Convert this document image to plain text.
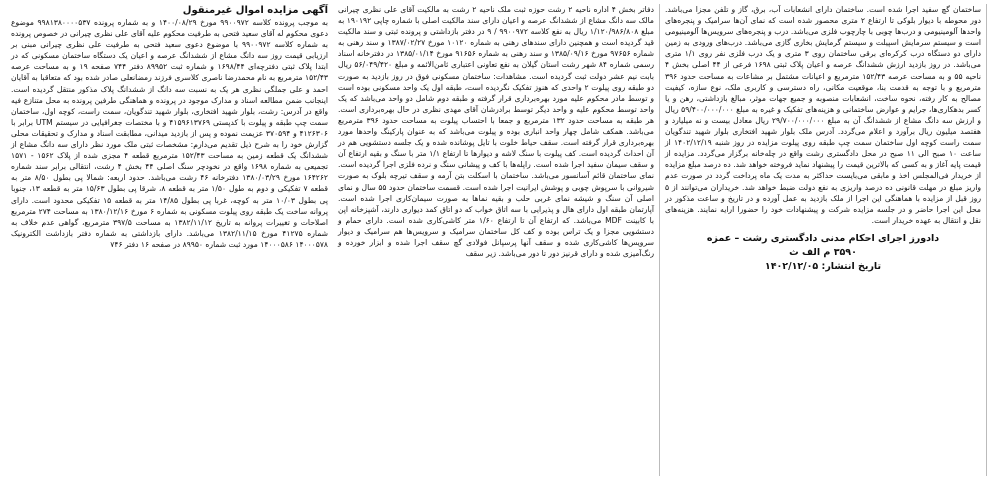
آگهی مزایده اموال غیرمنقول

به موجب پرونده کلاسه ۹۹۰۰۹۷۲ مورخ ۱۴۰۰/۰۸/۲۹ و به شماره پرونده ۹۹۸۱۳۸۰۰۰۰۵۳۷ موضوع دعوی محکوم له آقای سعید فتحی به طرفیت محکوم علیه آقای علی نظری چیرانی در خصوص پرونده به شماره کلاسه ۹۹۰۰۹۷۲ با موضوع دعوی سعید فتحی به طرفیت علی نظری چیرانی مبنی بر ارزیابی قیمت روز سه دانگ مشاع از ششدانگ عرصه و اعیان یک دستگاه ساختمان مسکونی که در ابتدا پلاک ثبتی دفترچه‌ای ۱۶۹۸/۴۴ و شماره ثبت ۸۹۹۵۲ دفتر ۷۴۴ صفحه ۱۹ و به مساحت عرصه ۱۵۲/۴۳ مترمربع به نام محمدرضا ناصری کلاسری فرزند رمضانعلی صادر شده بود که متعاقبا به آقایان احمد و علی جملگی نظری هر یک به نسبت سه دانگ از ششدانگ پلاک مذکور منتقل گردیده است. اینجانب ضمن مطالعه اسناد و مدارک موجود در پرونده و هماهنگی طرفین پرونده به محل متنازع فیه واقع در آدرس: رشت، بلوار شهید افتخاری، بلوار شهید تندگویان، سمت راست، کوچه اول، ساختمان سمت چپ طبقه و پیلوت با کدپستی ۴۱۵۹۶۱۳۷۶۹ و با مختصات جغرافیایی در سیستم UTM برابر با ۴۱۲۶۳۰۶ و ۳۷۰۵۹۴ عزیمت نموده و پس از بازدید میدانی، مطابقت اسناد و مدارک و تحقیقات محلی گزارش خود را به شرح ذیل تقدیم می‌دارم: مشخصات ثبتی ملک مورد نظر دارای سه دانگ مشاع از ششدانگ یک قطعه زمین به مساحت ۱۵۲/۴۳ مترمربع قطعه ۴ مجزی شده از پلاک ۱۵۶۲ - ۱۵۷۱ تجمیعی به شماره ۱۶۹۸ واقع در نخودچر سنگ اصلی ۴۴ بخش ۴ رشت، انتقالی برابر سند شماره ۱۶۴۲۶۲ مورخ ۱۳۸۰/۰۳/۲۹ دفترخانه ۴۶ رشت می‌باشد. حدود اربعه: شمالا پی بطول ۸/۵۰ متر به قطعه ۷ تفکیکی و دوم به طول ۱/۵۰ متر به قطعه ۸، شرقا پی بطول ۱۵/۶۳ متر به قطعه ۱۳، جنوبا پی بطول ۱۰/۰۳ متر به کوچه، غربا پی بطول ۱۴/۸۵ متر به قطعه ۱۵ تفکیکی محدود است. دارای پروانه ساخت یک طبقه روی پیلوت مسکونی به شماره ۶ مورخ ۱۳۸۰/۱۲/۱۶ به مساحت ۲۷۴ مترمربع اصلاحات و تغییرات پروانه به تاریخ ۱۳۸۲/۱۱/۱۲ به مساحت ۳۹۷/۵ مترمربع، گواهی عدم خلاف به شماره ۴۱۲۷۵ مورخ ۱۳۸۲/۱۱/۱۵ می‌باشد. دارای بازداشتی به شماره دفتر بازداشت الکترونیک ۱۴۰۰۰۵۷۸ ۱۴۰۰۰۵۸۶ مورد ثبت شماره ۸۹۹۵۰ در صفحه ۱۶ دفتر ۷۴۶

دفاتر بخش ۴ اداره ناحیه ۲ رشت حوزه ثبت ملک ناحیه ۲ رشت به مالکیت آقای علی نظری چیرانی مالک سه دانگ مشاع از ششدانگ عرصه و اعیان دارای سند مالکیت اصلی با شماره چاپی ۱۹۰۱۹۲ به مبلغ ۱/۱۲۰/۹۸۶/۸۰۸ ریال به نفع کلاسه ۹۹۰۰۹۷۲ / ۹ در دفتر بازداشتی و پرونده ثبتی و سند مالکیت قید گردیده است و همچنین دارای سندهای رهنی به شماره ۱۰۱۲۰ مورخ ۱۳۸۷/۰۲/۲۷ و سند رهنی به شماره ۹۷۶۵۶ مورخ ۱۳۸۵/۰۹/۱۶ و سند رهنی به شماره ۹۱۶۵۶ مورخ ۱۳۸۵/۰۱/۱۴ در دفترخانه اسناد رسمی شماره ۸۴ شهر رشت استان گیلان به نفع تعاونی اعتباری ثامن‌الائمه و مبلغ ۵۶/۰۴۹/۴۲۰ ریال بابت نیم عشر دولت ثبت گردیده است. مشاهدات: ساختمان مسکونی فوق در روز بازدید به صورت دو طبقه روی پیلوت ۲ واحدی که هنوز تفکیک نگردیده است، طبقه اول یک واحد مسکونی بوده است و توسط مادر محکوم علیه مورد بهره‌برداری قرار گرفته و طبقه دوم شامل دو واحد می‌باشد که یک واحد توسط محکوم علیه و واحد دیگر توسط برادرشان آقای مهدی نظری در حال بهره‌برداری است. هر طبقه به مساحت حدود ۱۳۲ مترمربع و جمعا با احتساب پیلوت به مساحت حدود ۳۹۶ مترمربع می‌باشد. همکف شامل چهار واحد انباری بوده و پیلوت می‌باشد که به عنوان پارکینگ واحدها مورد بهره‌برداری قرار گرفته است. سقف حیاط خلوت با تایل پوشانده شده و یک جلسه دستشویی هم در آن احداث گردیده است. کف پیلوت با سنگ لاشه و دیوارها تا ارتفاع ۱/۱ متر با سنگ و بقیه ارتفاع آن و سقف سیمان سفید اجرا شده است. راپله‌ها با کف و پیشانی سنگ و نرده فلزی اجرا گردیده است. نمای ساختمان قائم آسانسور می‌باشد. ساختمان با اسکلت بتن آرمه و سقف تیرچه بلوک به صورت شیروانی با سرپوش چوبی و پوشش ایرانیت اجرا شده است. قسمت ساختمان حدود ۵۵ سال و نمای اصلی آن سنگ و شیشه نمای غربی حلب و بقیه نماها به صورت سیمان‌کاری اجرا شده است. آپارتمان طبقه اول دارای هال و پذیرایی با سه اتاق خواب که دو اتاق کمد دیواری دارند، آشپزخانه اپن با کابینت MDF می‌باشد. که ارتفاع آن تا ارتفاع ۱/۶۰ متر کاشی‌کاری شده است. دارای حمام و دستشویی مجزا و یک تراس بوده و کف کل ساختمان سرامیک و سرویس‌ها هم سرامیک و دیوار سرویس‌ها کاشی‌کاری شده و سقف آنها پرسپانل فولادی گچ سقف اجرا شده و ابزار خورده و رنگ‌آمیزی شده و دارای قرنیز دور تا دور می‌باشد. زیر سقف

ساختمان گچ سفید اجرا شده است. ساختمان دارای انشعابات آب، برق، گاز و تلفن مجزا می‌باشد. دور محوطه با دیوار بلوکی تا ارتفاع ۲ متری محصور شده است که نمای آن‌ها سرامیک و پنجره‌های واحدها آلومینیومی و درب‌ها چوبی با چارچوب فلزی می‌باشد. درب و پنجره‌های سرویس‌ها آلومینیومی است و سیستم سرمایش اسپیلت و سیستم گرمایش بخاری گازی می‌باشد. درب‌های ورودی به زمین دارای دو دستگاه درب کرکره‌ای برقی ساختمان روی ۳ متری و یک درب فلزی نفر روی ۱/۱ متری می‌باشد. در روز بازدید ارزش ششدانگ عرصه و اعیان پلاک ثبتی ۱۶۹۸ فرعی از ۴۴ اصلی بخش ۴ ناحیه ۵۵ و به مساحت عرصه ۱۵۲/۴۳ مترمربع و اعیانات مشتمل بر مشاعات به مساحت حدود ۳۹۶ مترمربع و با توجه به قدمت بنا، موقعیت مکانی، راه دسترسی و کاربری ملک، نوع سازه، کیفیت مصالح به کار رفته، نحوه ساخت، انشعابات منصوبه و جمیع جهات موثر، مبالغ بازداشتی، رهن و یا کسر بدهکاری‌ها، جرایم و عوارض ساختمانی و هزینه‌های تفکیک و غیره به مبلغ ۵۹/۴۰۰/۰۰۰/۰۰۰ ریال و ارزش سه دانگ مشاع از ششدانگ آن به مبلغ ۲۹/۷۰۰/۰۰۰/۰۰۰ ریال معادل بیست و نه میلیارد و هفتصد میلیون ریال برآورد و اعلام می‌گردد. آدرس ملک بلوار شهید افتخاری بلوار شهید تندگویان سمت راست کوچه اول ساختمان سمت چپ طبقه روی پیلوت مزایده در روز شنبه ۱۴۰۲/۱۲/۱۹ از ساعت ۱۰ صبح الی ۱۱ صبح در محل دادگستری رشت واقع در چله‌خانه برگزار می‌گردد. مزایده از قیمت پایه آغاز و به کسی که بالاترین قیمت را پیشنهاد نماید فروخته خواهد شد. ده درصد مبلغ مزایده از خریدار فی‌المجلس اخذ و مابقی می‌بایست حداکثر به مدت یک ماه پرداخت گردد در صورت عدم واریز مبلغ در مهلت قانونی ده درصد واریزی به نفع دولت ضبط خواهد شد. خریداران می‌توانند از ۵ روز قبل از مزایده با هماهنگی این اجرا از ملک بازدید به عمل آورده و در تاریخ و ساعت مذکور در محل این اجرا حاضر و در جلسه مزایده شرکت و پیشنهادات خود را حضورا ارایه نمایند. هزینه‌های نقل و انتقال به عهده خریدار است.

دادورز اجرای احکام مدنی دادگستری رشت – عمزه
۳۵۹۰ م الف ث
تاریخ انتشار: ۱۴۰۲/۱۲/۰۵
